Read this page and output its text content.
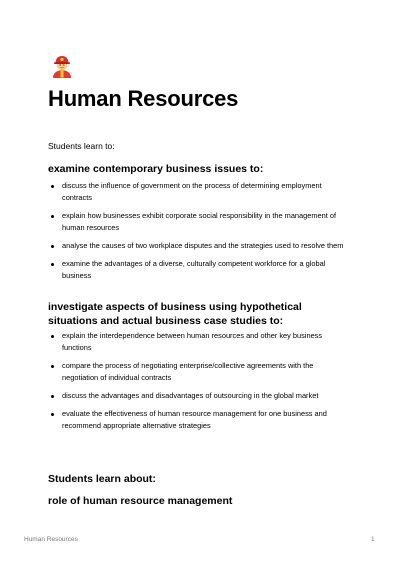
Human Resources

Students learn to:

examine contemporary business issues to:
discuss the influence of government on the process of determining employment contracts
explain how businesses exhibit corporate social responsibility in the management of human resources
analyse the causes of two workplace disputes and the strategies used to resolve them
examine the advantages of a diverse, culturally competent workforce for a global business
investigate aspects of business using hypothetical situations and actual business case studies to:
explain the interdependence between human resources and other key business functions
compare the process of negotiating enterprise/collective agreements with the negotiation of individual contracts
discuss the advantages and disadvantages of outsourcing in the global market
evaluate the effectiveness of human resource management for one business and recommend appropriate alternative strategies
Students learn about:
role of human resource management
Human Resources	1
